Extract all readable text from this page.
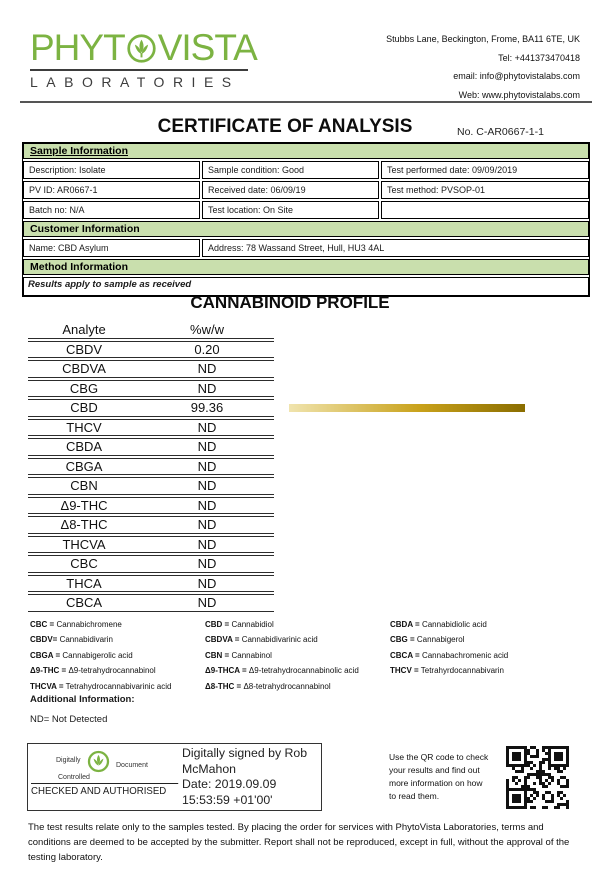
PHYT VISTA
LABORATORIES
Stubbs Lane, Beckington, Frome, BA11 6TE, UK
Tel: +441373470418
email: info@phytovistalabs.com
Web: www.phytovistalabs.com
CERTIFICATE OF ANALYSIS	No. C-AR0667-1-1
Sample Information
Description: Isolate	Sample condition: Good	Test performed date: 09/09/2019
PV ID: AR0667-1	Received date: 06/09/19	Test method: PVSOP-01
Batch no: N/A	Test location: On Site
Customer Information
Name: CBD Asylum	Address: 78 Wassand Street, Hull, HU3 4AL
Method Information
Results apply to sample as received
CANNABINOID PROFILE
Analyte	%w/w
CBDV	0.20
CBDVA	ND
CBG	ND
CBD	99.36
THCV	ND
CBDA	ND
CBGA	ND
CBN	ND
Δ9-THC	ND
Δ8-THC	ND
THCVA	ND
CBC	ND
THCA	ND
CBCA	ND
CBC = Cannabichromene
CBDV= Cannabidivarin
CBGA = Cannabigerolic acid
Δ9-THC = Δ9-tetrahydrocannabinol
THCVA = Tetrahydrocannabivarinic acid
CBD = Cannabidiol
CBDVA = Cannabidivarinic acid
CBN = Cannabinol
Δ9-THCA = Δ9-tetrahydrocannabinolic acid
Δ8-THC = Δ8-tetrahydrocannabinol
CBDA = Cannabidiolic acid
CBG = Cannabigerol
CBCA = Cannabachromenic acid
THCV = Tetrahyrdocannabivarin
Additional Information:
ND= Not Detected
Digitally
Controlled
Document
CHECKED AND AUTHORISED
Digitally signed by Rob McMahon
Date: 2019.09.09 15:53:59 +01'00'
Use the QR code to check your results and find out more information on how to read them.
The test results relate only to the samples tested. By placing the order for services with PhytoVista Laboratories, terms and conditions are deemed to be accepted by the submitter. Report shall not be reproduced, except in full, without the approval of the testing laboratory.
